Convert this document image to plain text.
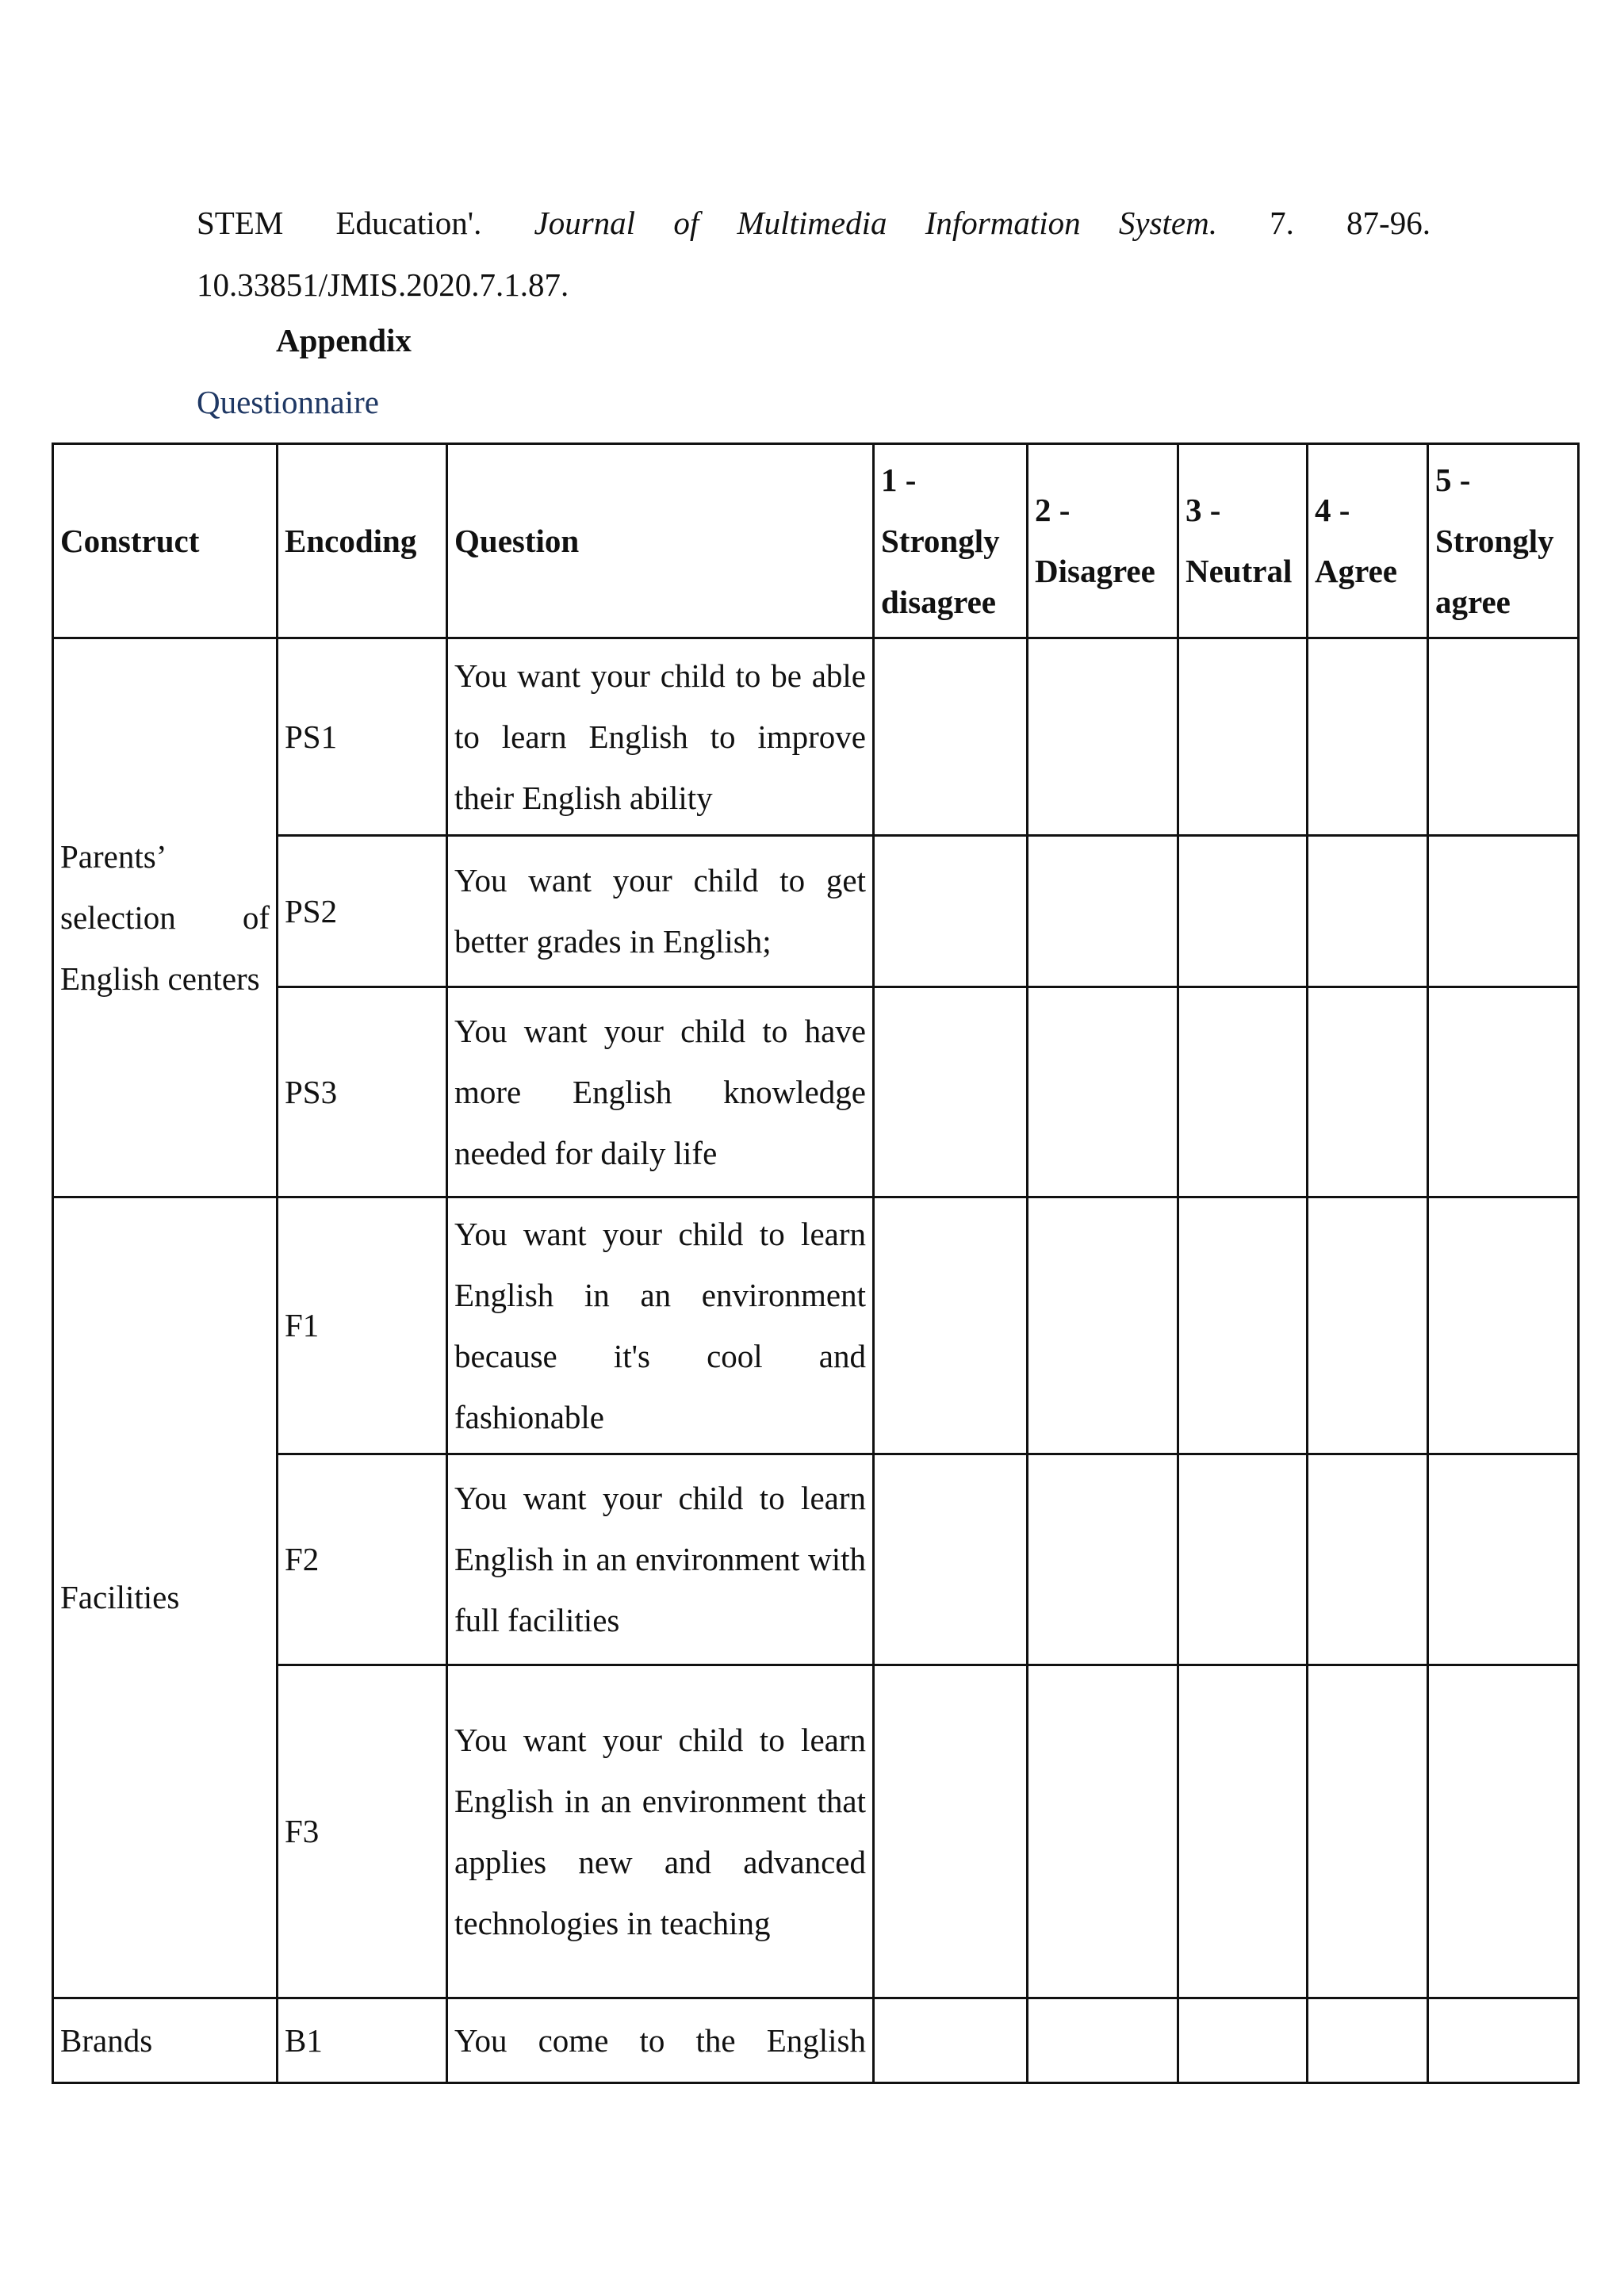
STEM Education'. Journal of Multimedia Information System. 7. 87-96.
10.33851/JMIS.2020.7.1.87.
Appendix
Questionnaire
Construct	Encoding	Question	1 - Strongly disagree	2 - Disagree	3 - Neutral	4 - Agree	5 - Strongly agree
Parents’ selection of English centers	PS1	You want your child to be able to learn English to improve their English ability					
	PS2	You want your child to get better grades in English;					
	PS3	You want your child to have more English knowledge needed for daily life					
Facilities	F1	You want your child to learn English in an environment because it's cool and fashionable					
	F2	You want your child to learn English in an environment with full facilities					
	F3	You want your child to learn English in an environment that applies new and advanced technologies in teaching					
Brands	B1	You come to the English					
